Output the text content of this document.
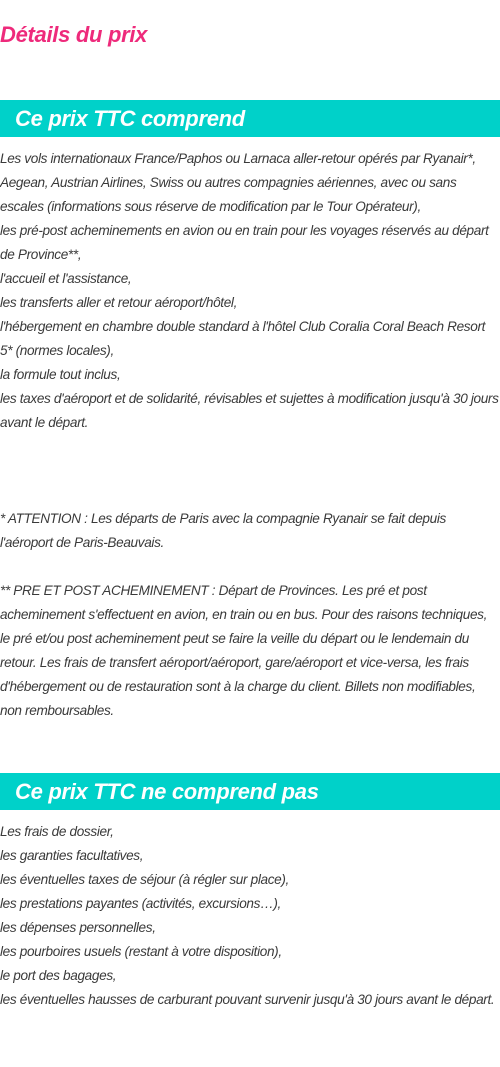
Détails du prix
Ce prix TTC comprend
Les vols internationaux France/Paphos ou Larnaca aller-retour opérés par Ryanair*, Aegean, Austrian Airlines, Swiss ou autres compagnies aériennes, avec ou sans escales (informations sous réserve de modification par le Tour Opérateur),
les pré-post acheminements en avion ou en train pour les voyages réservés au départ de Province**,
l'accueil et l'assistance,
les transferts aller et retour aéroport/hôtel,
l'hébergement en chambre double standard à l'hôtel Club Coralia Coral Beach Resort 5* (normes locales),
la formule tout inclus,
les taxes d'aéroport et de solidarité, révisables et sujettes à modification jusqu'à 30 jours avant le départ.

* ATTENTION : Les départs de Paris avec la compagnie Ryanair se fait depuis l'aéroport de Paris-Beauvais.

** PRE ET POST ACHEMINEMENT : Départ de Provinces. Les pré et post acheminement s'effectuent en avion, en train ou en bus. Pour des raisons techniques, le pré et/ou post acheminement peut se faire la veille du départ ou le lendemain du retour. Les frais de transfert aéroport/aéroport, gare/aéroport et vice-versa, les frais d'hébergement ou de restauration sont à la charge du client. Billets non modifiables, non remboursables.

Ce prix TTC ne comprend pas
Les frais de dossier,
les garanties facultatives,
les éventuelles taxes de séjour (à régler sur place),
les prestations payantes (activités, excursions…),
les dépenses personnelles,
les pourboires usuels (restant à votre disposition),
le port des bagages,
les éventuelles hausses de carburant pouvant survenir jusqu'à 30 jours avant le départ.
